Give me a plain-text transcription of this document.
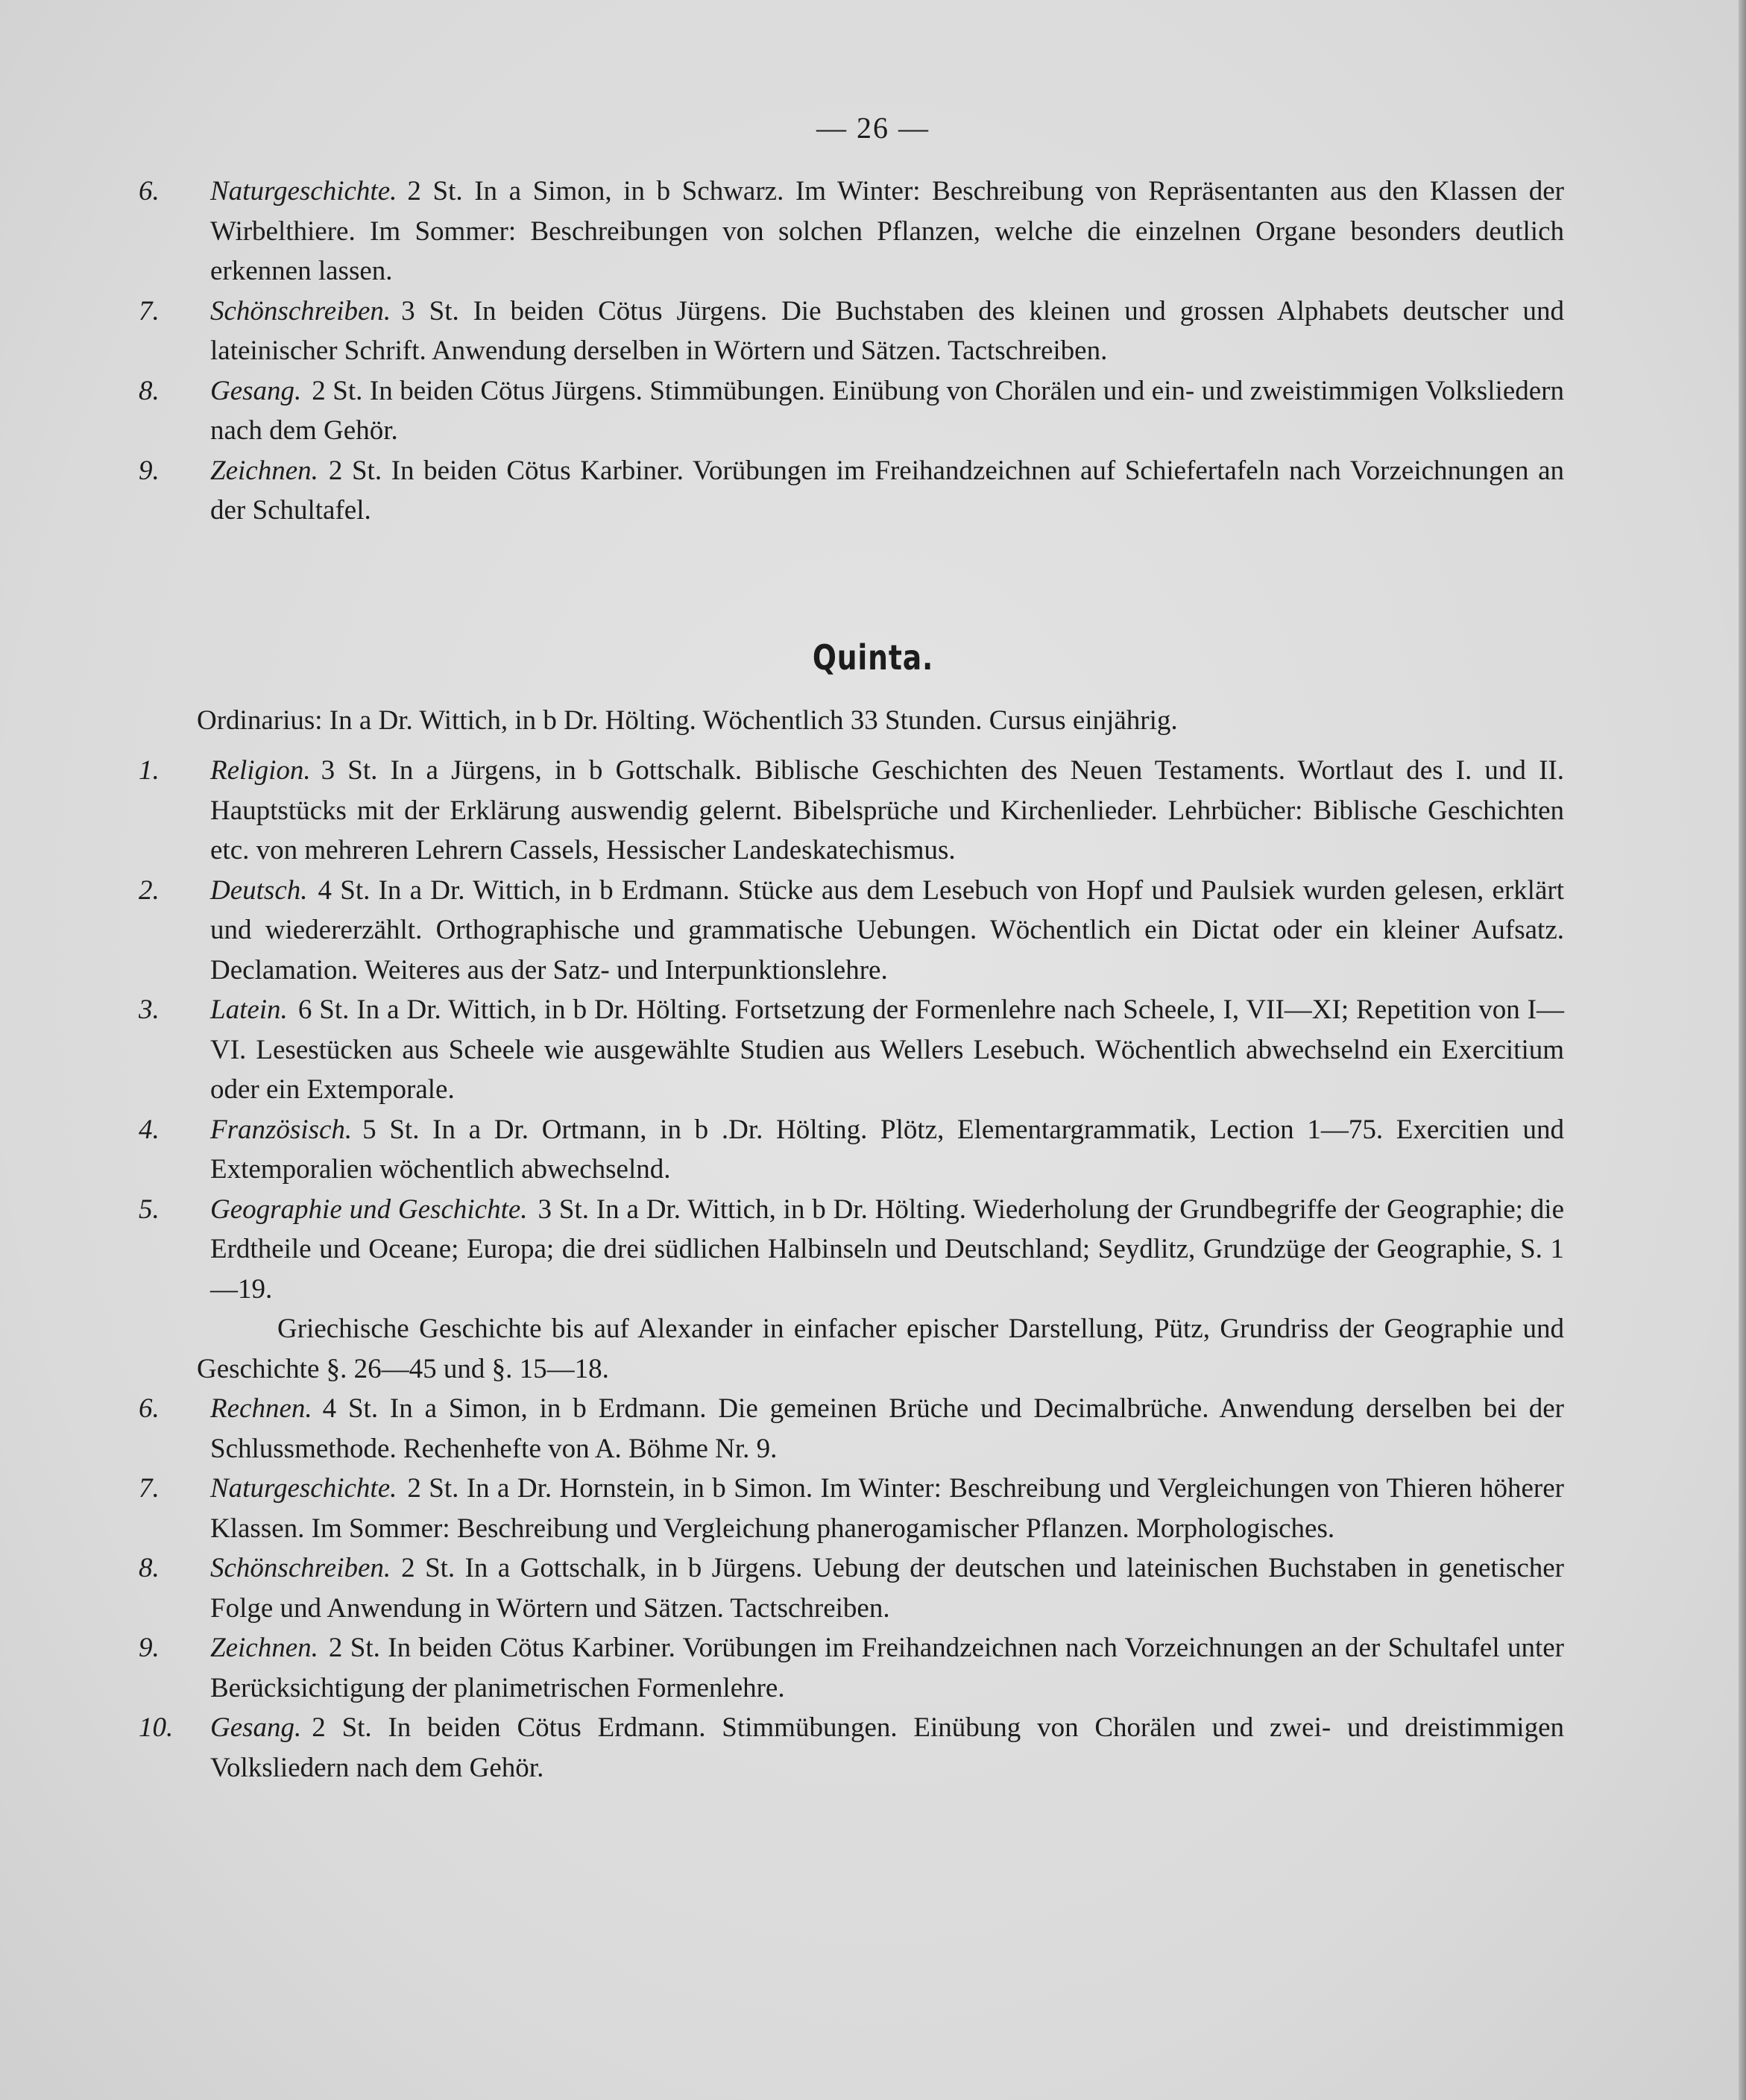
— 26 —

6. Naturgeschichte. 2 St. In a Simon, in b Schwarz. Im Winter: Beschreibung von Repräsentanten aus den Klassen der Wirbelthiere. Im Sommer: Beschreibungen von solchen Pflanzen, welche die einzelnen Organe besonders deutlich erkennen lassen.

7. Schönschreiben. 3 St. In beiden Cötus Jürgens. Die Buchstaben des kleinen und grossen Alphabets deutscher und lateinischer Schrift. Anwendung derselben in Wörtern und Sätzen. Tactschreiben.

8. Gesang. 2 St. In beiden Cötus Jürgens. Stimmübungen. Einübung von Chorälen und ein- und zweistimmigen Volksliedern nach dem Gehör.

9. Zeichnen. 2 St. In beiden Cötus Karbiner. Vorübungen im Freihandzeichnen auf Schiefertafeln nach Vorzeichnungen an der Schultafel.

Quinta.
Ordinarius: In a Dr. Wittich, in b Dr. Hölting. Wöchentlich 33 Stunden. Cursus einjährig.

1. Religion. 3 St. In a Jürgens, in b Gottschalk. Biblische Geschichten des Neuen Testaments. Wortlaut des I. und II. Hauptstücks mit der Erklärung auswendig gelernt. Bibelsprüche und Kirchenlieder. Lehrbücher: Biblische Geschichten etc. von mehreren Lehrern Cassels, Hessischer Landeskatechismus.

2. Deutsch. 4 St. In a Dr. Wittich, in b Erdmann. Stücke aus dem Lesebuch von Hopf und Paulsiek wurden gelesen, erklärt und wiedererzählt. Orthographische und grammatische Uebungen. Wöchentlich ein Dictat oder ein kleiner Aufsatz. Declamation. Weiteres aus der Satz- und Interpunktionslehre.

3. Latein. 6 St. In a Dr. Wittich, in b Dr. Hölting. Fortsetzung der Formenlehre nach Scheele, I, VII—XI; Repetition von I—VI. Lesestücken aus Scheele wie ausgewählte Studien aus Wellers Lesebuch. Wöchentlich abwechselnd ein Exercitium oder ein Extemporale.

4. Französisch. 5 St. In a Dr. Ortmann, in b .Dr. Hölting. Plötz, Elementargrammatik, Lection 1—75. Exercitien und Extemporalien wöchentlich abwechselnd.

5. Geographie und Geschichte. 3 St. In a Dr. Wittich, in b Dr. Hölting. Wiederholung der Grundbegriffe der Geographie; die Erdtheile und Oceane; Europa; die drei südlichen Halbinseln und Deutschland; Seydlitz, Grundzüge der Geographie, S. 1—19.

Griechische Geschichte bis auf Alexander in einfacher epischer Darstellung, Pütz, Grundriss der Geographie und Geschichte §. 26—45 und §. 15—18.

6. Rechnen. 4 St. In a Simon, in b Erdmann. Die gemeinen Brüche und Decimalbrüche. Anwendung derselben bei der Schlussmethode. Rechenhefte von A. Böhme Nr. 9.

7. Naturgeschichte. 2 St. In a Dr. Hornstein, in b Simon. Im Winter: Beschreibung und Vergleichungen von Thieren höherer Klassen. Im Sommer: Beschreibung und Vergleichung phanerogamischer Pflanzen. Morphologisches.

8. Schönschreiben. 2 St. In a Gottschalk, in b Jürgens. Uebung der deutschen und lateinischen Buchstaben in genetischer Folge und Anwendung in Wörtern und Sätzen. Tactschreiben.

9. Zeichnen. 2 St. In beiden Cötus Karbiner. Vorübungen im Freihandzeichnen nach Vorzeichnungen an der Schultafel unter Berücksichtigung der planimetrischen Formenlehre.

10. Gesang. 2 St. In beiden Cötus Erdmann. Stimmübungen. Einübung von Chorälen und zwei- und dreistimmigen Volksliedern nach dem Gehör.
